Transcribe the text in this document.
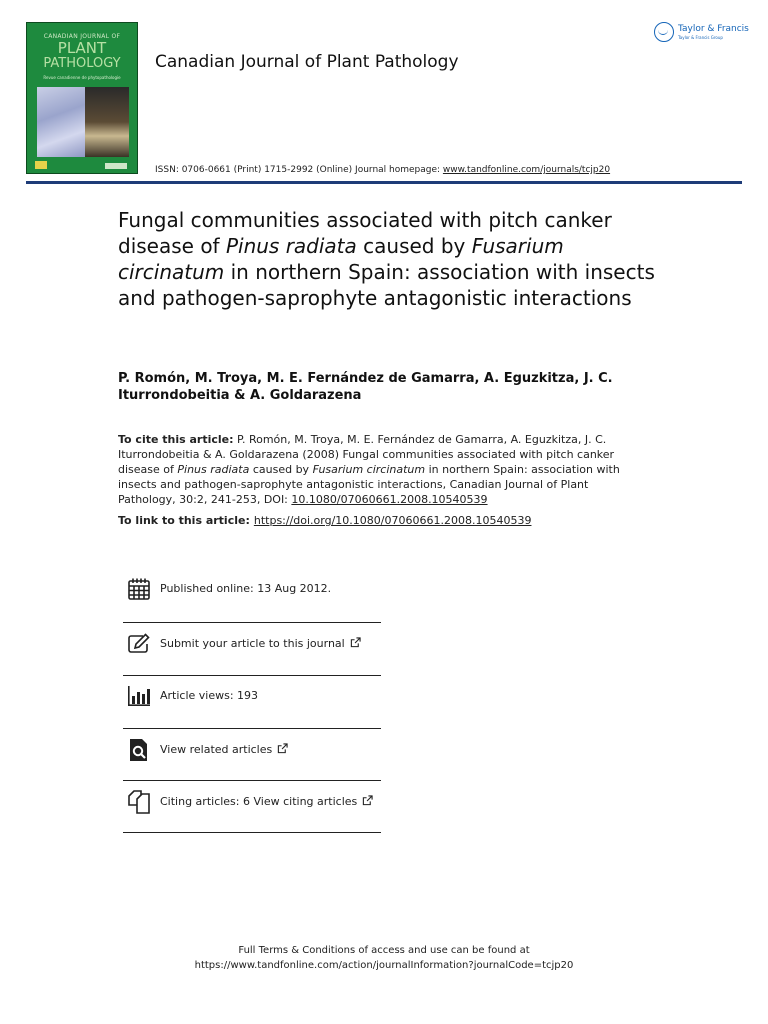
CANADIAN JOURNAL OF
PLANT
PATHOLOGY
Revue canadienne de phytopathologie
Canadian Journal of Plant Pathology
Taylor & Francis
Taylor & Francis Group
ISSN: 0706-0661 (Print) 1715-2992 (Online) Journal homepage: www.tandfonline.com/journals/tcjp20
Fungal communities associated with pitch canker disease of Pinus radiata caused by Fusarium circinatum in northern Spain: association with insects and pathogen-saprophyte antagonistic interactions
P. Romón, M. Troya, M. E. Fernández de Gamarra, A. Eguzkitza, J. C. Iturrondobeitia & A. Goldarazena
To cite this article: P. Romón, M. Troya, M. E. Fernández de Gamarra, A. Eguzkitza, J. C. Iturrondobeitia & A. Goldarazena (2008) Fungal communities associated with pitch canker disease of Pinus radiata caused by Fusarium circinatum in northern Spain: association with insects and pathogen-saprophyte antagonistic interactions, Canadian Journal of Plant Pathology, 30:2, 241-253, DOI: 10.1080/07060661.2008.10540539
To link to this article: https://doi.org/10.1080/07060661.2008.10540539
Published online: 13 Aug 2012.
Submit your article to this journal
Article views: 193
View related articles
Citing articles: 6 View citing articles
Full Terms & Conditions of access and use can be found at
https://www.tandfonline.com/action/journalInformation?journalCode=tcjp20
